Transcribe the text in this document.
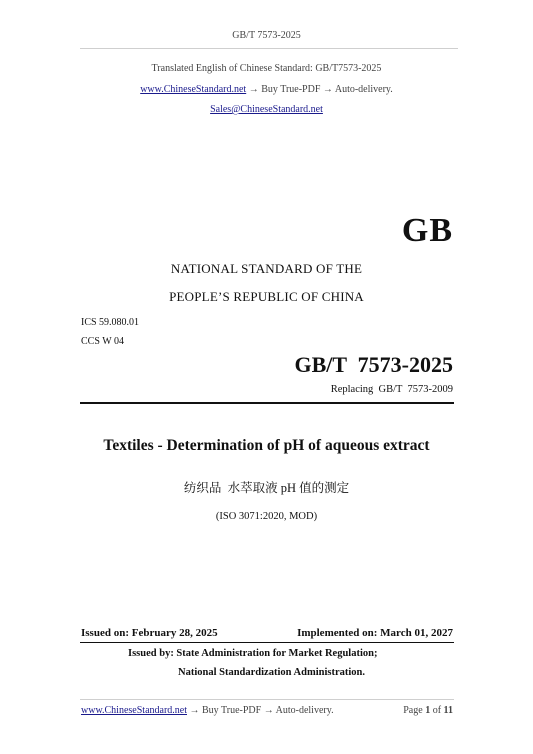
GB/T 7573-2025
Translated English of Chinese Standard: GB/T7573-2025
www.ChineseStandard.net → Buy True-PDF → Auto-delivery.
Sales@ChineseStandard.net
GB
NATIONAL STANDARD OF THE
PEOPLE’S REPUBLIC OF CHINA
ICS 59.080.01
CCS W 04
GB/T  7573-2025
Replacing  GB/T  7573-2009
Textiles - Determination of pH of aqueous extract
纺织品  水萃取液 pH 值的测定
(ISO 3071:2020, MOD)
Issued on: February 28, 2025	Implemented on: March 01, 2027
Issued by: State Administration for Market Regulation;
National Standardization Administration.
www.ChineseStandard.net → Buy True-PDF → Auto-delivery.	Page 1 of 11
